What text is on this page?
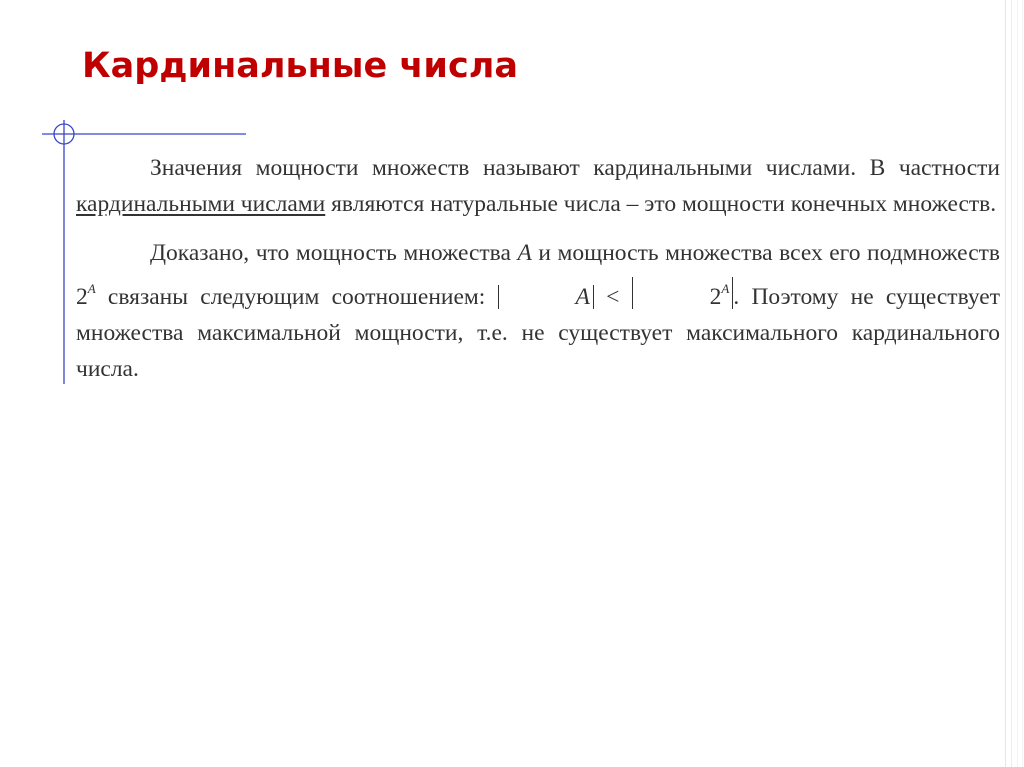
Кардинальные числа

Значения мощности множеств называют кардинальными числами. В частности кардинальными числами являются натуральные числа – это мощности конечных множеств.

Доказано, что мощность множества A и мощность множества всех его подмножеств $2^A$ связаны следующим соотношением:	A <	$2^A$ . Поэтому не существует множества максимальной мощности, т.е. не существует максимального кардинального числа.
